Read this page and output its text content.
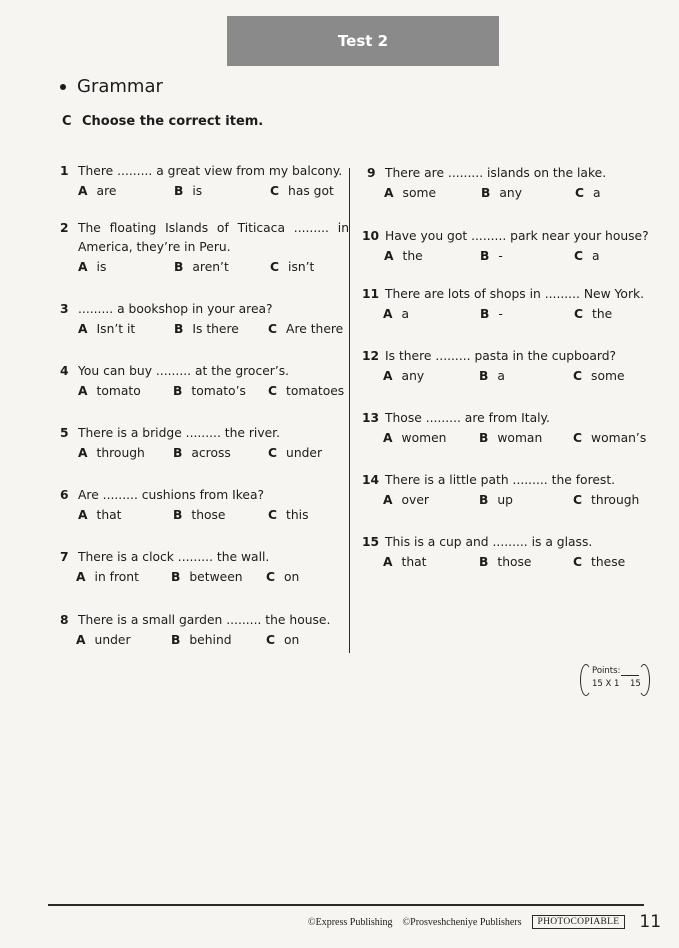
Test 2
Grammar
C Choose the correct item.
1 There ......... a great view from my balcony.
A are	B is	C has got
2 The floating Islands of Titicaca ......... in
America, they’re in Peru.
A is	B aren’t	C isn’t
3 ......... a bookshop in your area?
A Isn’t it	B Is there C Are there
4 You can buy ......... at the grocer’s.
A tomato	B tomato’s C tomatoes
5 There is a bridge ......... the river.
A through B across	C under
6 Are ......... cushions from Ikea?
A that	B those	C this
7 There is a clock ......... the wall.
A in front	B between C on
8 There is a small garden ......... the house.
A under	B behind	C on
9 There are ......... islands on the lake.
A some	B any	C a
10 Have you got ......... park near your house?
A the	B -	C a
11 There are lots of shops in ......... New York.
A a	B -	C the
12 Is there ......... pasta in the cupboard?
A any	B a	C some
13 Those ......... are from Italy.
A women	B woman C woman’s
14 There is a little path ......... the forest.
A over	B up	C through
15 This is a cup and ......... is a glass.
A that	B those	C these
Points:
15 X 1 15
©Express Publishing ©Prosveshcheniye Publishers	PHOTOCOPIABLE	11
